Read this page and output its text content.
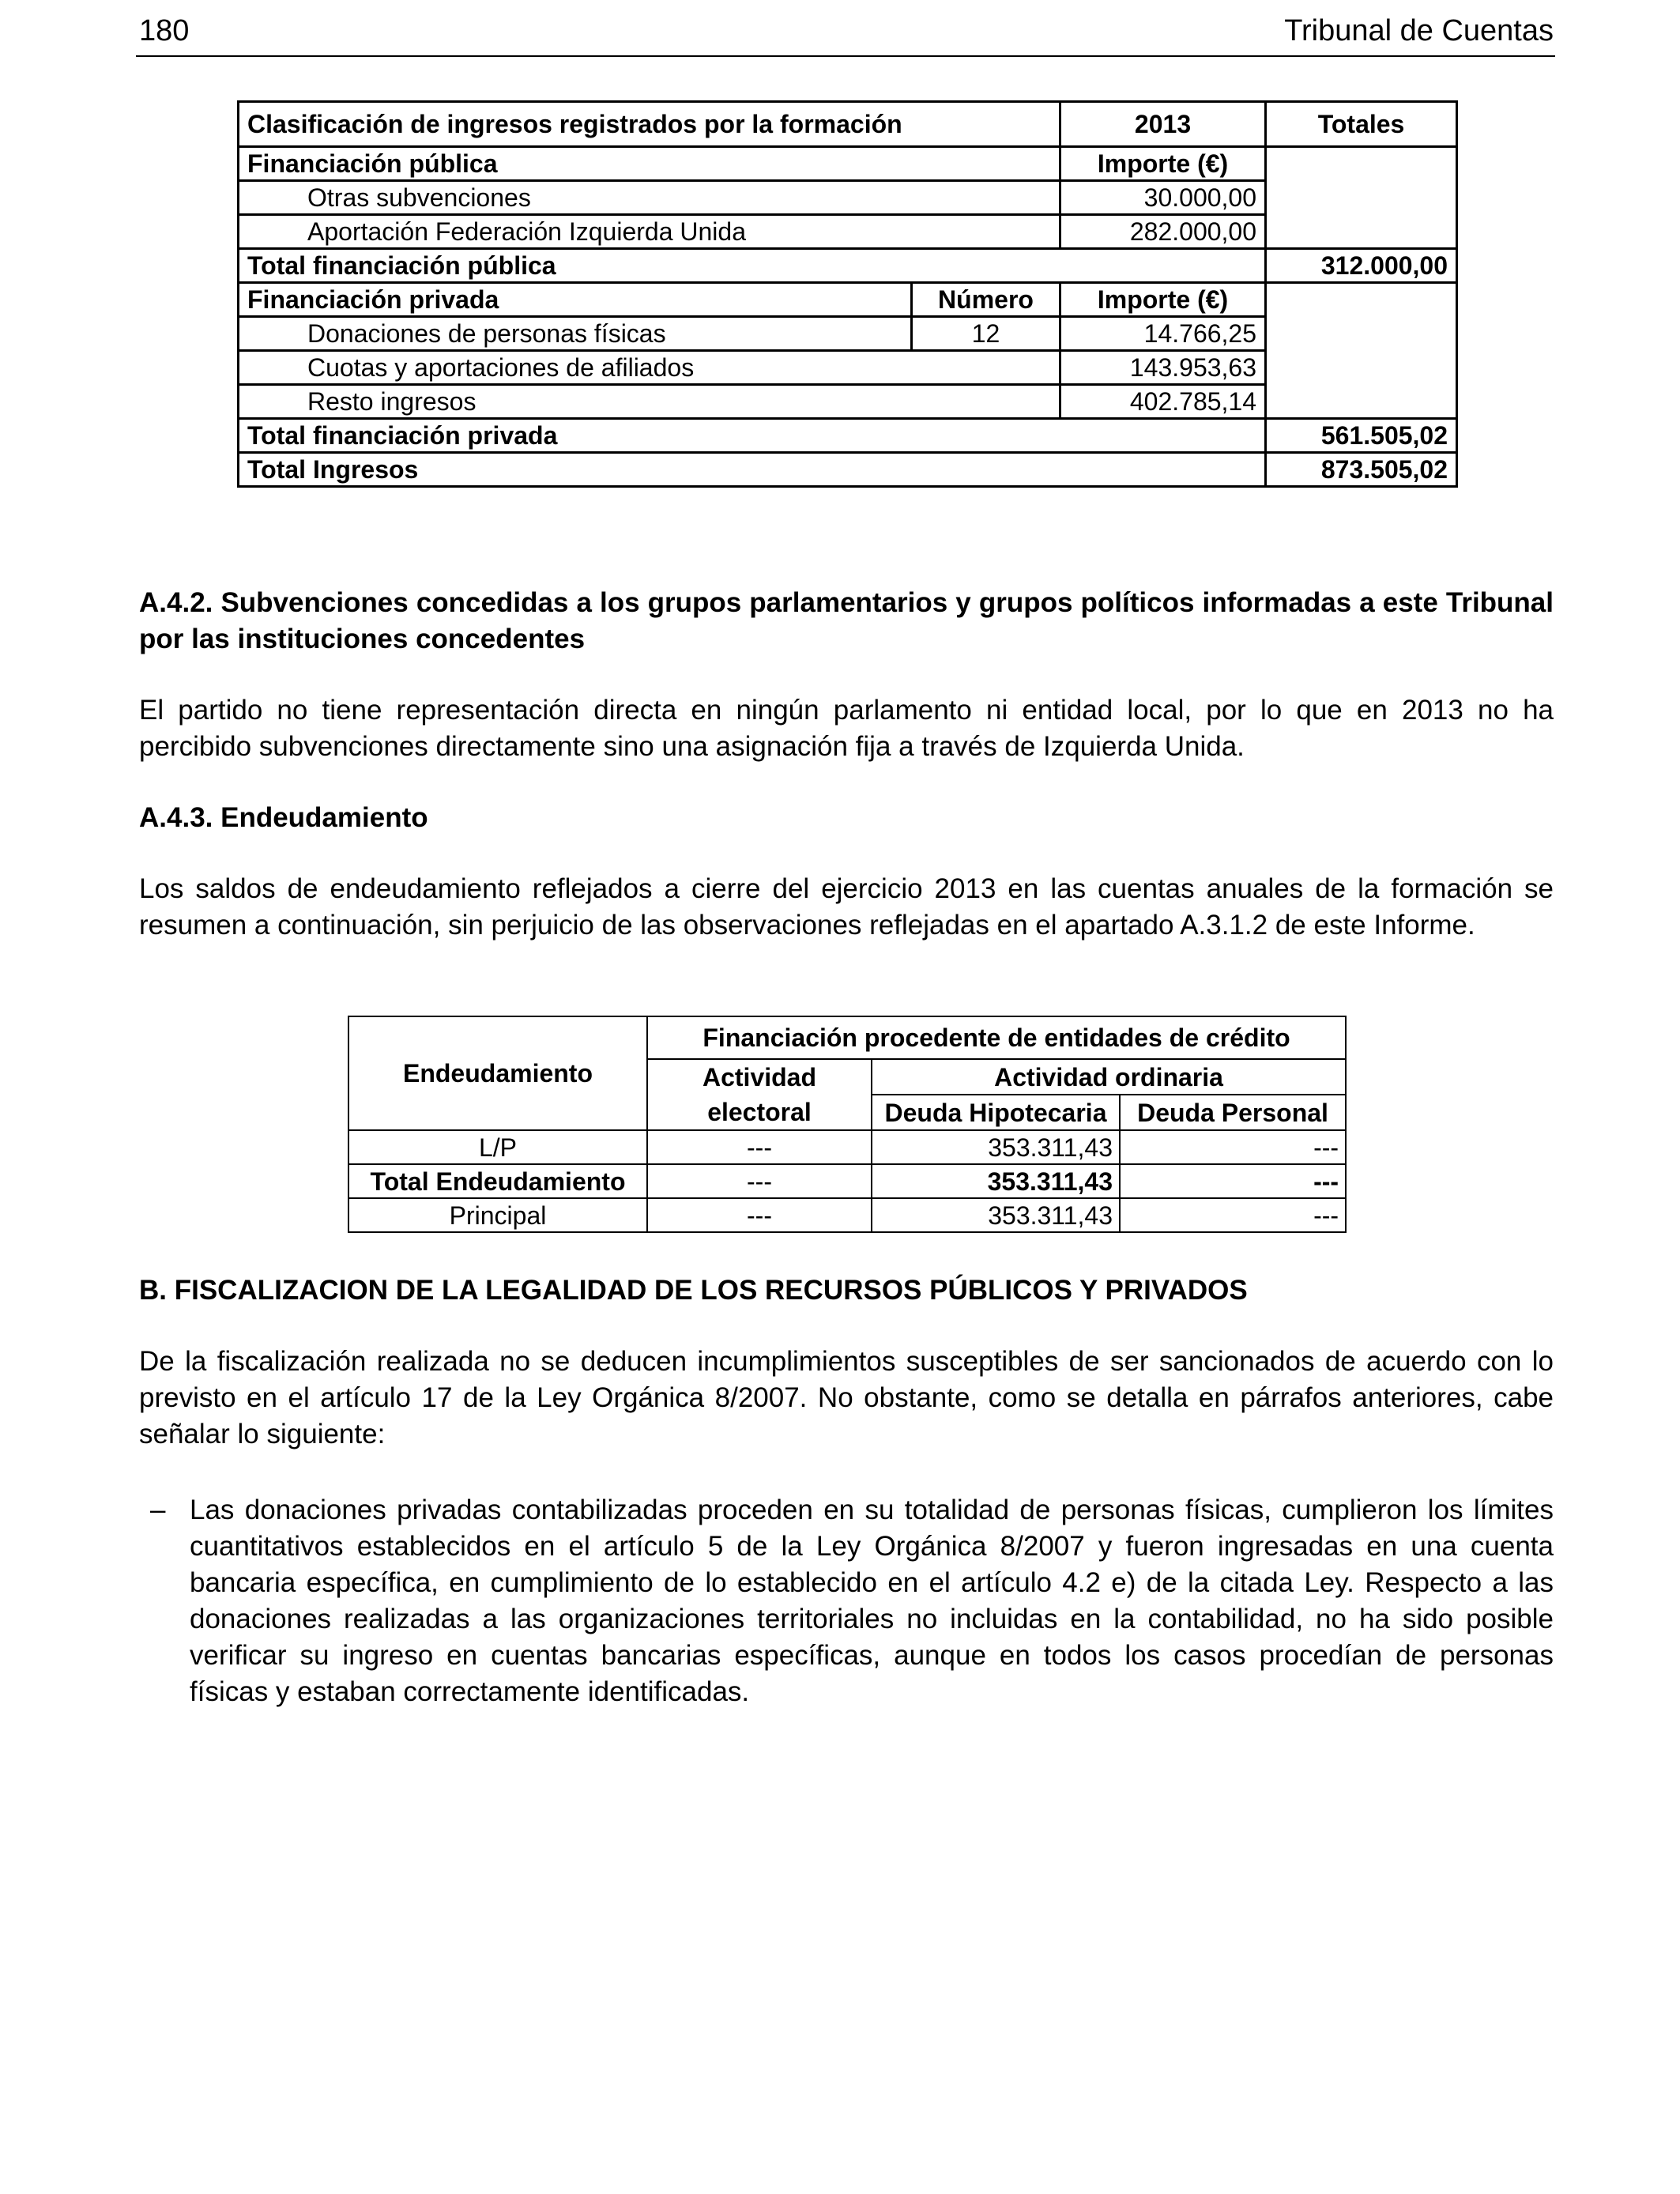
180	Tribunal de Cuentas
Clasificación de ingresos registrados por la formación		2013	Totales
Financiación pública		Importe (€)	
Otras subvenciones		30.000,00	
Aportación Federación Izquierda Unida		282.000,00	
Total financiación pública			312.000,00
Financiación privada	Número	Importe (€)	
Donaciones de personas físicas	12	14.766,25	
Cuotas y aportaciones de afiliados		143.953,63	
Resto ingresos		402.785,14	
Total financiación privada			561.505,02
Total Ingresos			873.505,02
A.4.2. Subvenciones concedidas a los grupos parlamentarios y grupos políticos informadas a este Tribunal por las instituciones concedentes
El partido no tiene representación directa en ningún parlamento ni entidad local, por lo que en 2013 no ha percibido subvenciones directamente sino una asignación fija a través de Izquierda Unida.
A.4.3. Endeudamiento
Los saldos de endeudamiento reflejados a cierre del ejercicio 2013 en las cuentas anuales de la formación se resumen a continuación, sin perjuicio de las observaciones reflejadas en el apartado A.3.1.2 de este Informe.
Endeudamiento	Financiación procedente de entidades de crédito		
	Actividad electoral	Actividad ordinaria	
		Deuda Hipotecaria	Deuda Personal
L/P	---	353.311,43	---
Total Endeudamiento	---	353.311,43	---
Principal	---	353.311,43	---
B. FISCALIZACION DE LA LEGALIDAD DE LOS RECURSOS PÚBLICOS Y PRIVADOS
De la fiscalización realizada no se deducen incumplimientos susceptibles de ser sancionados de acuerdo con lo previsto en el artículo 17 de la Ley Orgánica 8/2007. No obstante, como se detalla en párrafos anteriores, cabe señalar lo siguiente:
– Las donaciones privadas contabilizadas proceden en su totalidad de personas físicas, cumplieron los límites cuantitativos establecidos en el artículo 5 de la Ley Orgánica 8/2007 y fueron ingresadas en una cuenta bancaria específica, en cumplimiento de lo establecido en el artículo 4.2 e) de la citada Ley. Respecto a las donaciones realizadas a las organizaciones territoriales no incluidas en la contabilidad, no ha sido posible verificar su ingreso en cuentas bancarias específicas, aunque en todos los casos procedían de personas físicas y estaban correctamente identificadas.
